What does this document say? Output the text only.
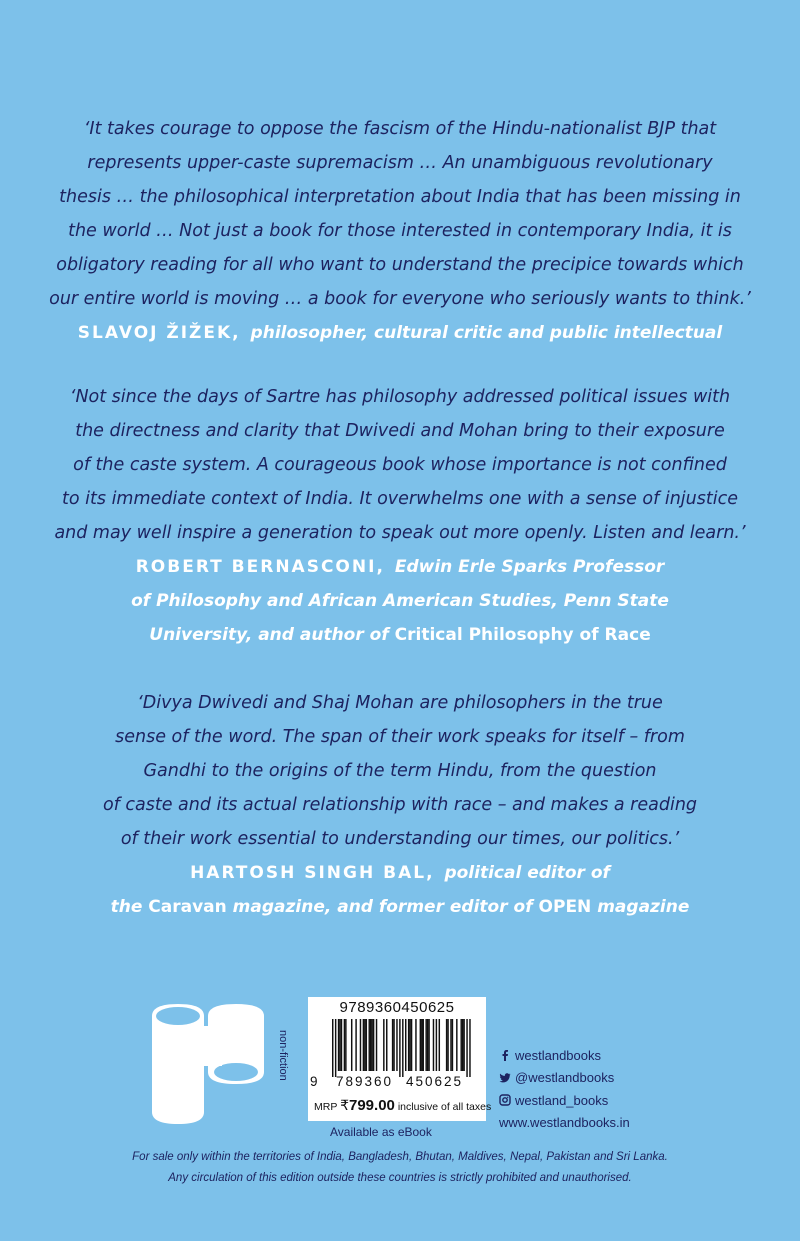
‘It takes courage to oppose the fascism of the Hindu-nationalist BJP that
represents upper-caste supremacism … An unambiguous revolutionary
thesis … the philosophical interpretation about India that has been missing in
the world … Not just a book for those interested in contemporary India, it is
obligatory reading for all who want to understand the precipice towards which
our entire world is moving … a book for everyone who seriously wants to think.’
SLAVOJ ŽIŽEK, philosopher, cultural critic and public intellectual
‘Not since the days of Sartre has philosophy addressed political issues with
the directness and clarity that Dwivedi and Mohan bring to their exposure
of the caste system. A courageous book whose importance is not confined
to its immediate context of India. It overwhelms one with a sense of injustice
and may well inspire a generation to speak out more openly. Listen and learn.’
ROBERT BERNASCONI, Edwin Erle Sparks Professor
of Philosophy and African American Studies, Penn State
University, and author of Critical Philosophy of Race
‘Divya Dwivedi and Shaj Mohan are philosophers in the true
sense of the word. The span of their work speaks for itself – from
Gandhi to the origins of the term Hindu, from the question
of caste and its actual relationship with race – and makes a reading
of their work essential to understanding our times, our politics.’
HARTOSH SINGH BAL, political editor of
the Caravan magazine, and former editor of OPEN magazine
non-fiction
9789360450625
9 789360 450625
MRP ₹799.00 inclusive of all taxes
Available as eBook
westlandbooks
@westlandbooks
westland_books
www.westlandbooks.in
For sale only within the territories of India, Bangladesh, Bhutan, Maldives, Nepal, Pakistan and Sri Lanka.
Any circulation of this edition outside these countries is strictly prohibited and unauthorised.
